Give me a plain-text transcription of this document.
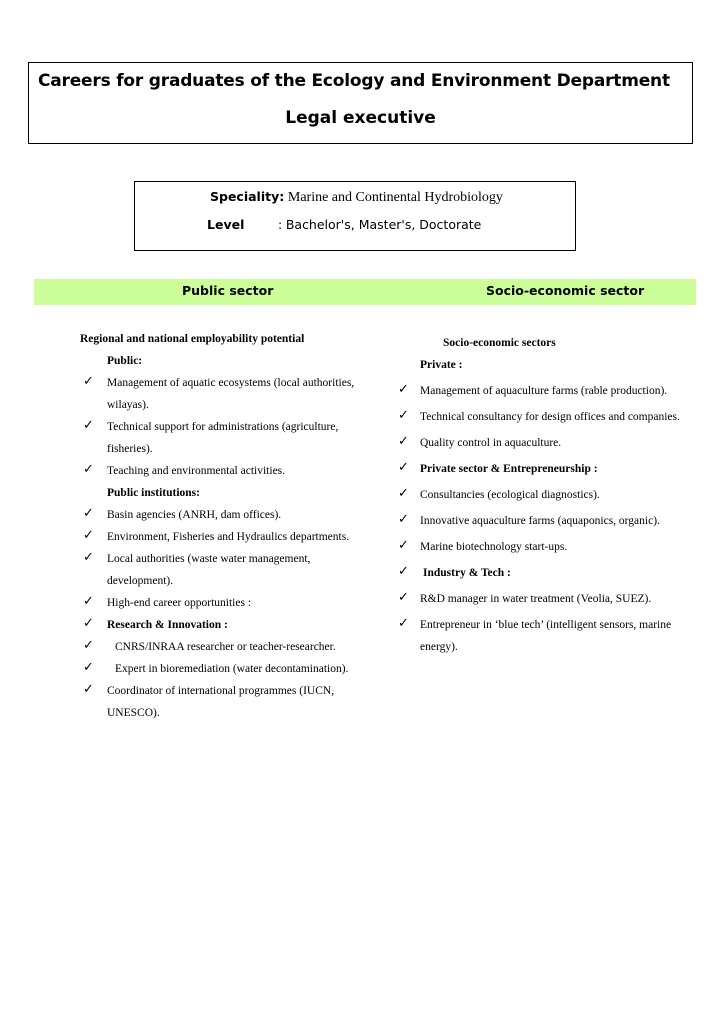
Careers for graduates of the Ecology and Environment Department
Legal executive
Speciality: Marine and Continental Hydrobiology
Level	: Bachelor's, Master's, Doctorate
Public sector	Socio-economic sector
Regional and national employability potential
Public:
✓ Management of aquatic ecosystems (local authorities, wilayas).
✓ Technical support for administrations (agriculture, fisheries).
✓ Teaching and environmental activities.
Public institutions:
✓ Basin agencies (ANRH, dam offices).
✓ Environment, Fisheries and Hydraulics departments.
✓ Local authorities (waste water management, development).
✓ High-end career opportunities :
✓ Research & Innovation :
✓ CNRS/INRAA researcher or teacher-researcher.
✓ Expert in bioremediation (water decontamination).
✓ Coordinator of international programmes (IUCN, UNESCO).
Socio-economic sectors
Private :
✓ Management of aquaculture farms (rable production).
✓ Technical consultancy for design offices and companies.
✓ Quality control in aquaculture.
✓ Private sector & Entrepreneurship :
✓ Consultancies (ecological diagnostics).
✓ Innovative aquaculture farms (aquaponics, organic).
✓ Marine biotechnology start-ups.
✓ Industry & Tech :
✓ R&D manager in water treatment (Veolia, SUEZ).
✓ Entrepreneur in ‘blue tech’ (intelligent sensors, marine energy).
